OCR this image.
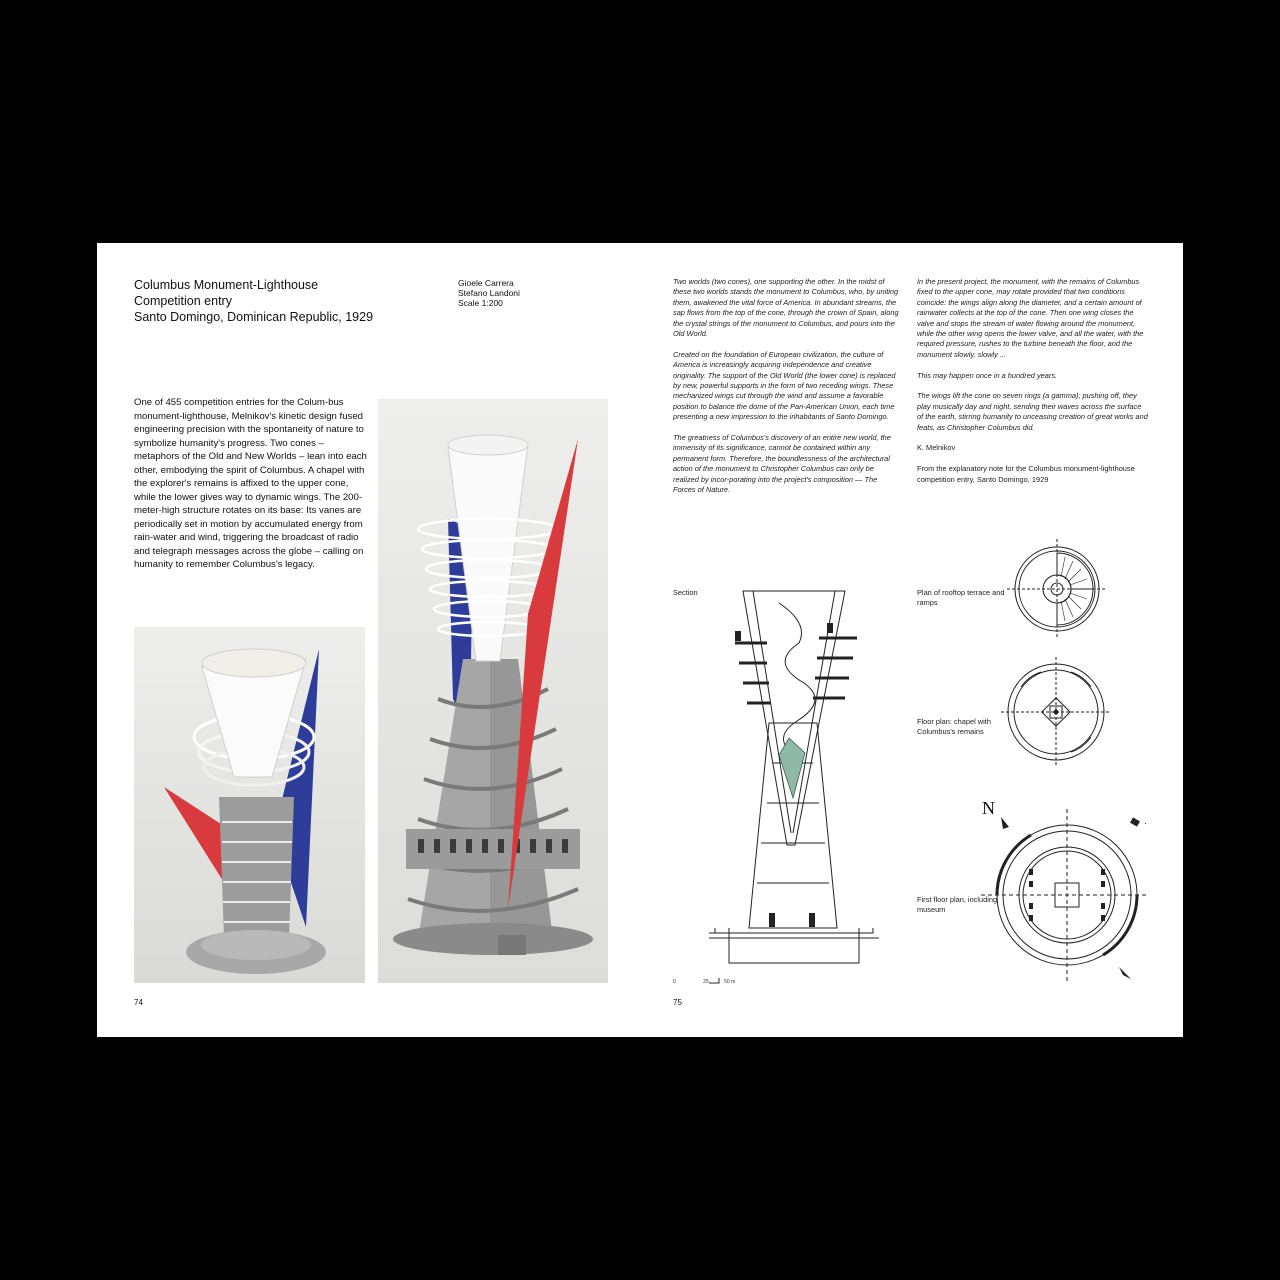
Columbus Monument-Lighthouse
Competition entry
Santo Domingo, Dominican Republic, 1929
Gioele Carrera
Stefano Landoni
Scale 1:200
One of 455 competition entries for the Colum-bus monument-lighthouse, Melnikov's kinetic design fused engineering precision with the spontaneity of nature to symbolize humanity's progress. Two cones – metaphors of the Old and New Worlds – lean into each other, embodying the spirit of Columbus. A chapel with the explorer's remains is affixed to the upper cone, while the lower gives way to dynamic wings. The 200-meter-high structure rotates on its base: Its vanes are periodically set in motion by accumulated energy from rain-water and wind, triggering the broadcast of radio and telegraph messages across the globe – calling on humanity to remember Columbus's legacy.
74

Two worlds (two cones), one supporting the other. In the midst of these two worlds stands the monument to Columbus, who, by uniting them, awakened the vital force of America. In abundant streams, the sap flows from the top of the cone, through the crown of Spain, along the crystal strings of the monument to Columbus, and pours into the Old World.

Created on the foundation of European civilization, the culture of America is increasingly acquiring independence and creative originality. The support of the Old World (the lower cone) is replaced by new, powerful supports in the form of two receding wings. These mechanized wings cut through the wind and assume a favorable position to balance the dome of the Pan-American Union, each time presenting a new impression to the inhabitants of Santo Domingo.

The greatness of Columbus's discovery of an entire new world, the immensity of its significance, cannot be contained within any permanent form. Therefore, the boundlessness of the architectural action of the monument to Christopher Columbus can only be realized by incor-porating into the project's composition — The Forces of Nature.

In the present project, the monument, with the remains of Columbus fixed to the upper cone, may rotate provided that two conditions coincide: the wings align along the diameter, and a certain amount of rainwater collects at the top of the cone. Then one wing closes the valve and stops the stream of water flowing around the monument, while the other wing opens the lower valve, and all the water, with the required pressure, rushes to the turbine beneath the floor, and the monument slowly, slowly ...

This may happen once in a hundred years.

The wings lift the cone on seven rings (a gamma); pushing off, they play musically day and night, sending their waves across the surface of the earth, stirring humanity to unceasing creation of great works and feats, as Christopher Columbus did.

K. Melnikov

From the explanatory note for the Columbus monument-lighthouse competition entry, Santo Domingo, 1929

Section
0	25	50 m
Plan of rooftop terrace and ramps
Floor plan: chapel with Columbus's remains
First floor plan, including museum
N
75
